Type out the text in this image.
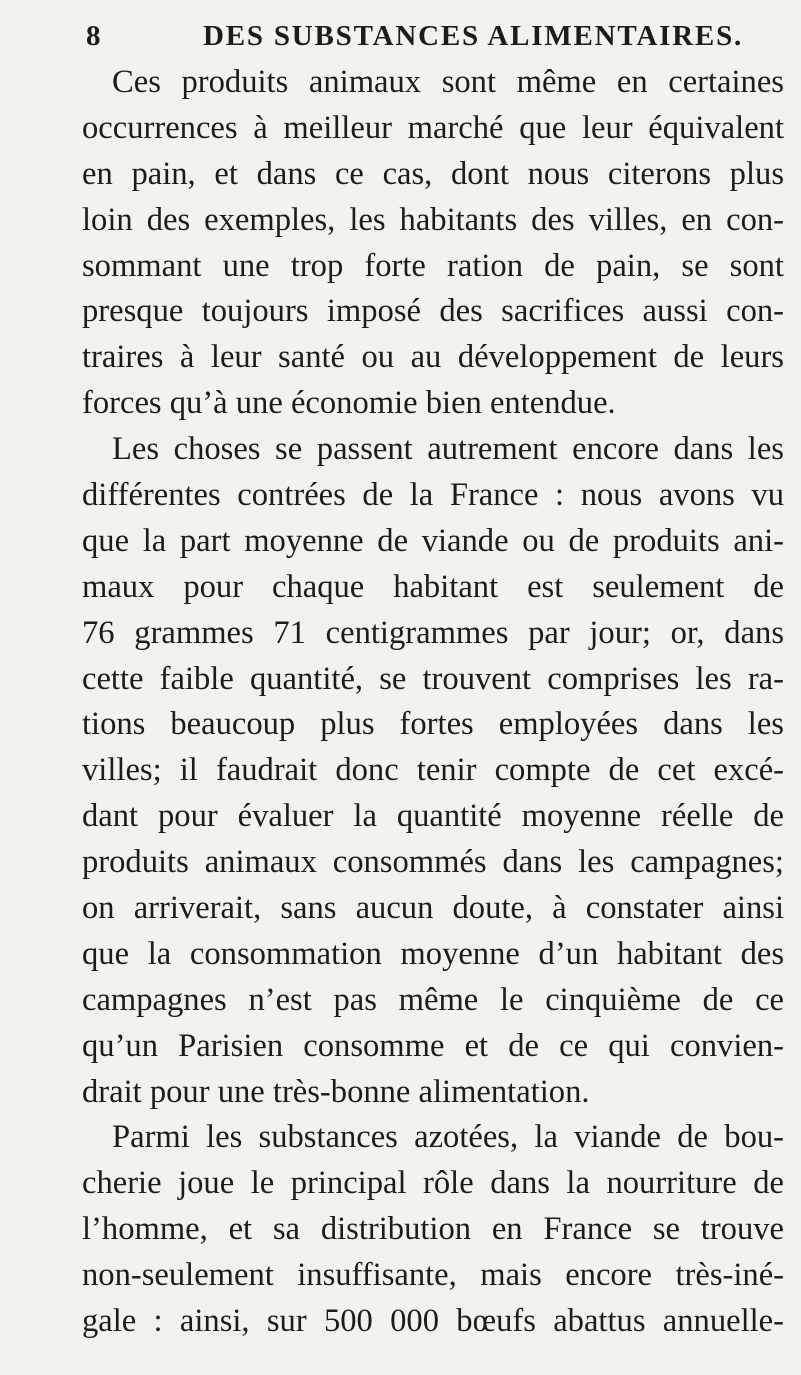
8	DES SUBSTANCES ALIMENTAIRES.
Ces produits animaux sont même en certaines
occurrences à meilleur marché que leur équivalent
en pain, et dans ce cas, dont nous citerons plus
loin des exemples, les habitants des villes, en con-
sommant une trop forte ration de pain, se sont
presque toujours imposé des sacrifices aussi con-
traires à leur santé ou au développement de leurs
forces qu’à une économie bien entendue.
Les choses se passent autrement encore dans les
différentes contrées de la France : nous avons vu
que la part moyenne de viande ou de produits ani-
maux pour chaque habitant est seulement de
76 grammes 71 centigrammes par jour; or, dans
cette faible quantité, se trouvent comprises les ra-
tions beaucoup plus fortes employées dans les
villes; il faudrait donc tenir compte de cet excé-
dant pour évaluer la quantité moyenne réelle de
produits animaux consommés dans les campagnes;
on arriverait, sans aucun doute, à constater ainsi
que la consommation moyenne d’un habitant des
campagnes n’est pas même le cinquième de ce
qu’un Parisien consomme et de ce qui convien-
drait pour une très-bonne alimentation.
Parmi les substances azotées, la viande de bou-
cherie joue le principal rôle dans la nourriture de
l’homme, et sa distribution en France se trouve
non-seulement insuffisante, mais encore très-iné-
gale : ainsi, sur 500 000 bœufs abattus annuelle-
